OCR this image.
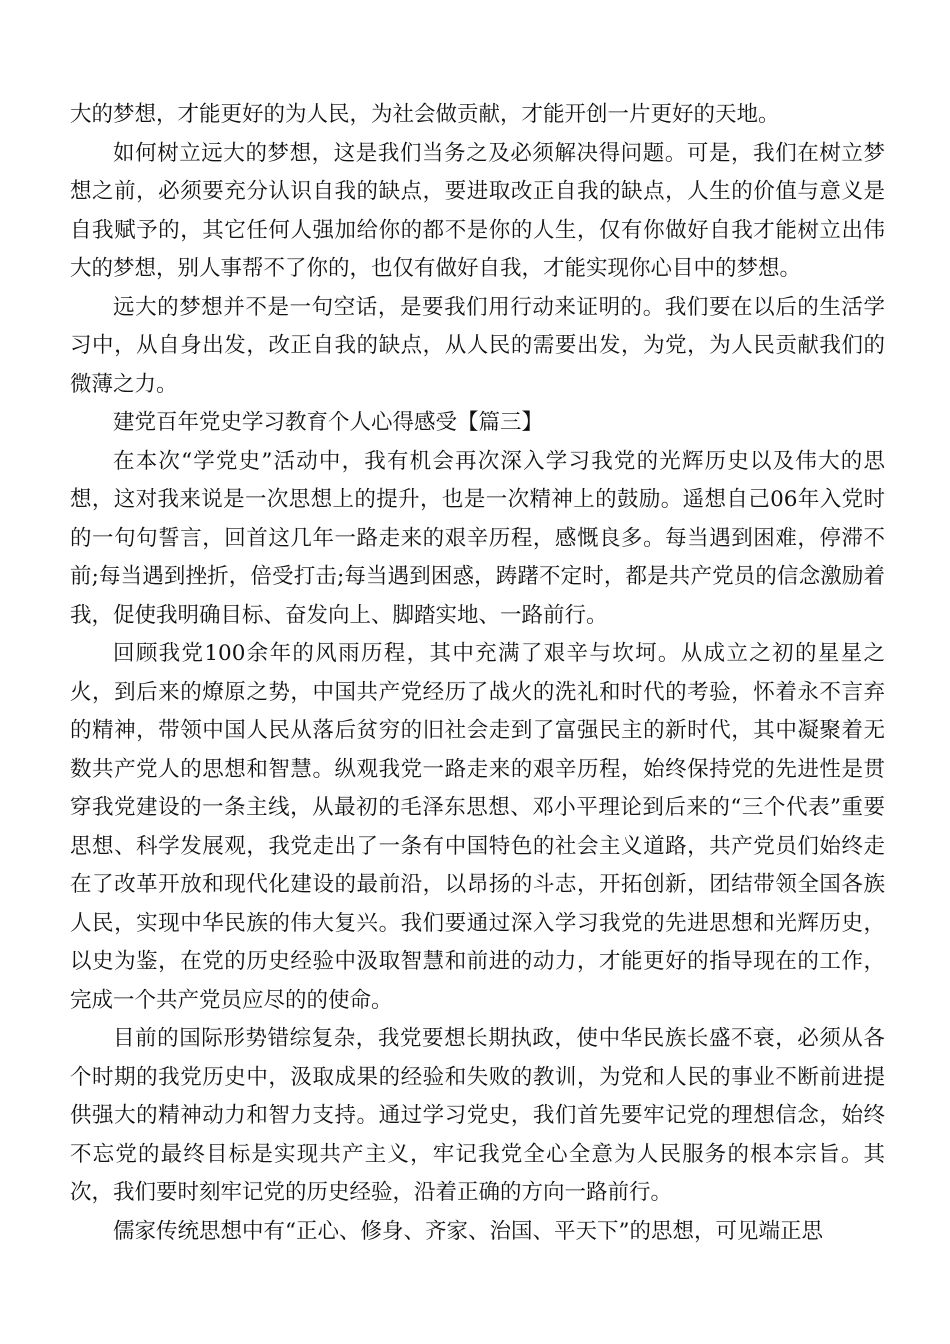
大的梦想，才能更好的为人民，为社会做贡献，才能开创一片更好的天地。

如何树立远大的梦想，这是我们当务之及必须解决得问题。可是，我们在树立梦想之前，必须要充分认识自我的缺点，要进取改正自我的缺点，人生的价值与意义是自我赋予的，其它任何人强加给你的都不是你的人生，仅有你做好自我才能树立出伟大的梦想，别人事帮不了你的，也仅有做好自我，才能实现你心目中的梦想。

远大的梦想并不是一句空话，是要我们用行动来证明的。我们要在以后的生活学习中，从自身出发，改正自我的缺点，从人民的需要出发，为党，为人民贡献我们的微薄之力。

建党百年党史学习教育个人心得感受【篇三】

在本次“学党史”活动中，我有机会再次深入学习我党的光辉历史以及伟大的思想，这对我来说是一次思想上的提升，也是一次精神上的鼓励。遥想自己06年入党时的一句句誓言，回首这几年一路走来的艰辛历程，感慨良多。每当遇到困难，停滞不前;每当遇到挫折，倍受打击;每当遇到困惑，踌躇不定时，都是共产党员的信念激励着我，促使我明确目标、奋发向上、脚踏实地、一路前行。

回顾我党100余年的风雨历程，其中充满了艰辛与坎坷。从成立之初的星星之火，到后来的燎原之势，中国共产党经历了战火的洗礼和时代的考验，怀着永不言弃的精神，带领中国人民从落后贫穷的旧社会走到了富强民主的新时代，其中凝聚着无数共产党人的思想和智慧。纵观我党一路走来的艰辛历程，始终保持党的先进性是贯穿我党建设的一条主线，从最初的毛泽东思想、邓小平理论到后来的“三个代表”重要思想、科学发展观，我党走出了一条有中国特色的社会主义道路，共产党员们始终走在了改革开放和现代化建设的最前沿，以昂扬的斗志，开拓创新，团结带领全国各族人民，实现中华民族的伟大复兴。我们要通过深入学习我党的先进思想和光辉历史，以史为鉴，在党的历史经验中汲取智慧和前进的动力，才能更好的指导现在的工作，完成一个共产党员应尽的的使命。

目前的国际形势错综复杂，我党要想长期执政，使中华民族长盛不衰，必须从各个时期的我党历史中，汲取成果的经验和失败的教训，为党和人民的事业不断前进提供强大的精神动力和智力支持。通过学习党史，我们首先要牢记党的理想信念，始终不忘党的最终目标是实现共产主义，牢记我党全心全意为人民服务的根本宗旨。其次，我们要时刻牢记党的历史经验，沿着正确的方向一路前行。

儒家传统思想中有“正心、修身、齐家、治国、平天下”的思想，可见端正思
